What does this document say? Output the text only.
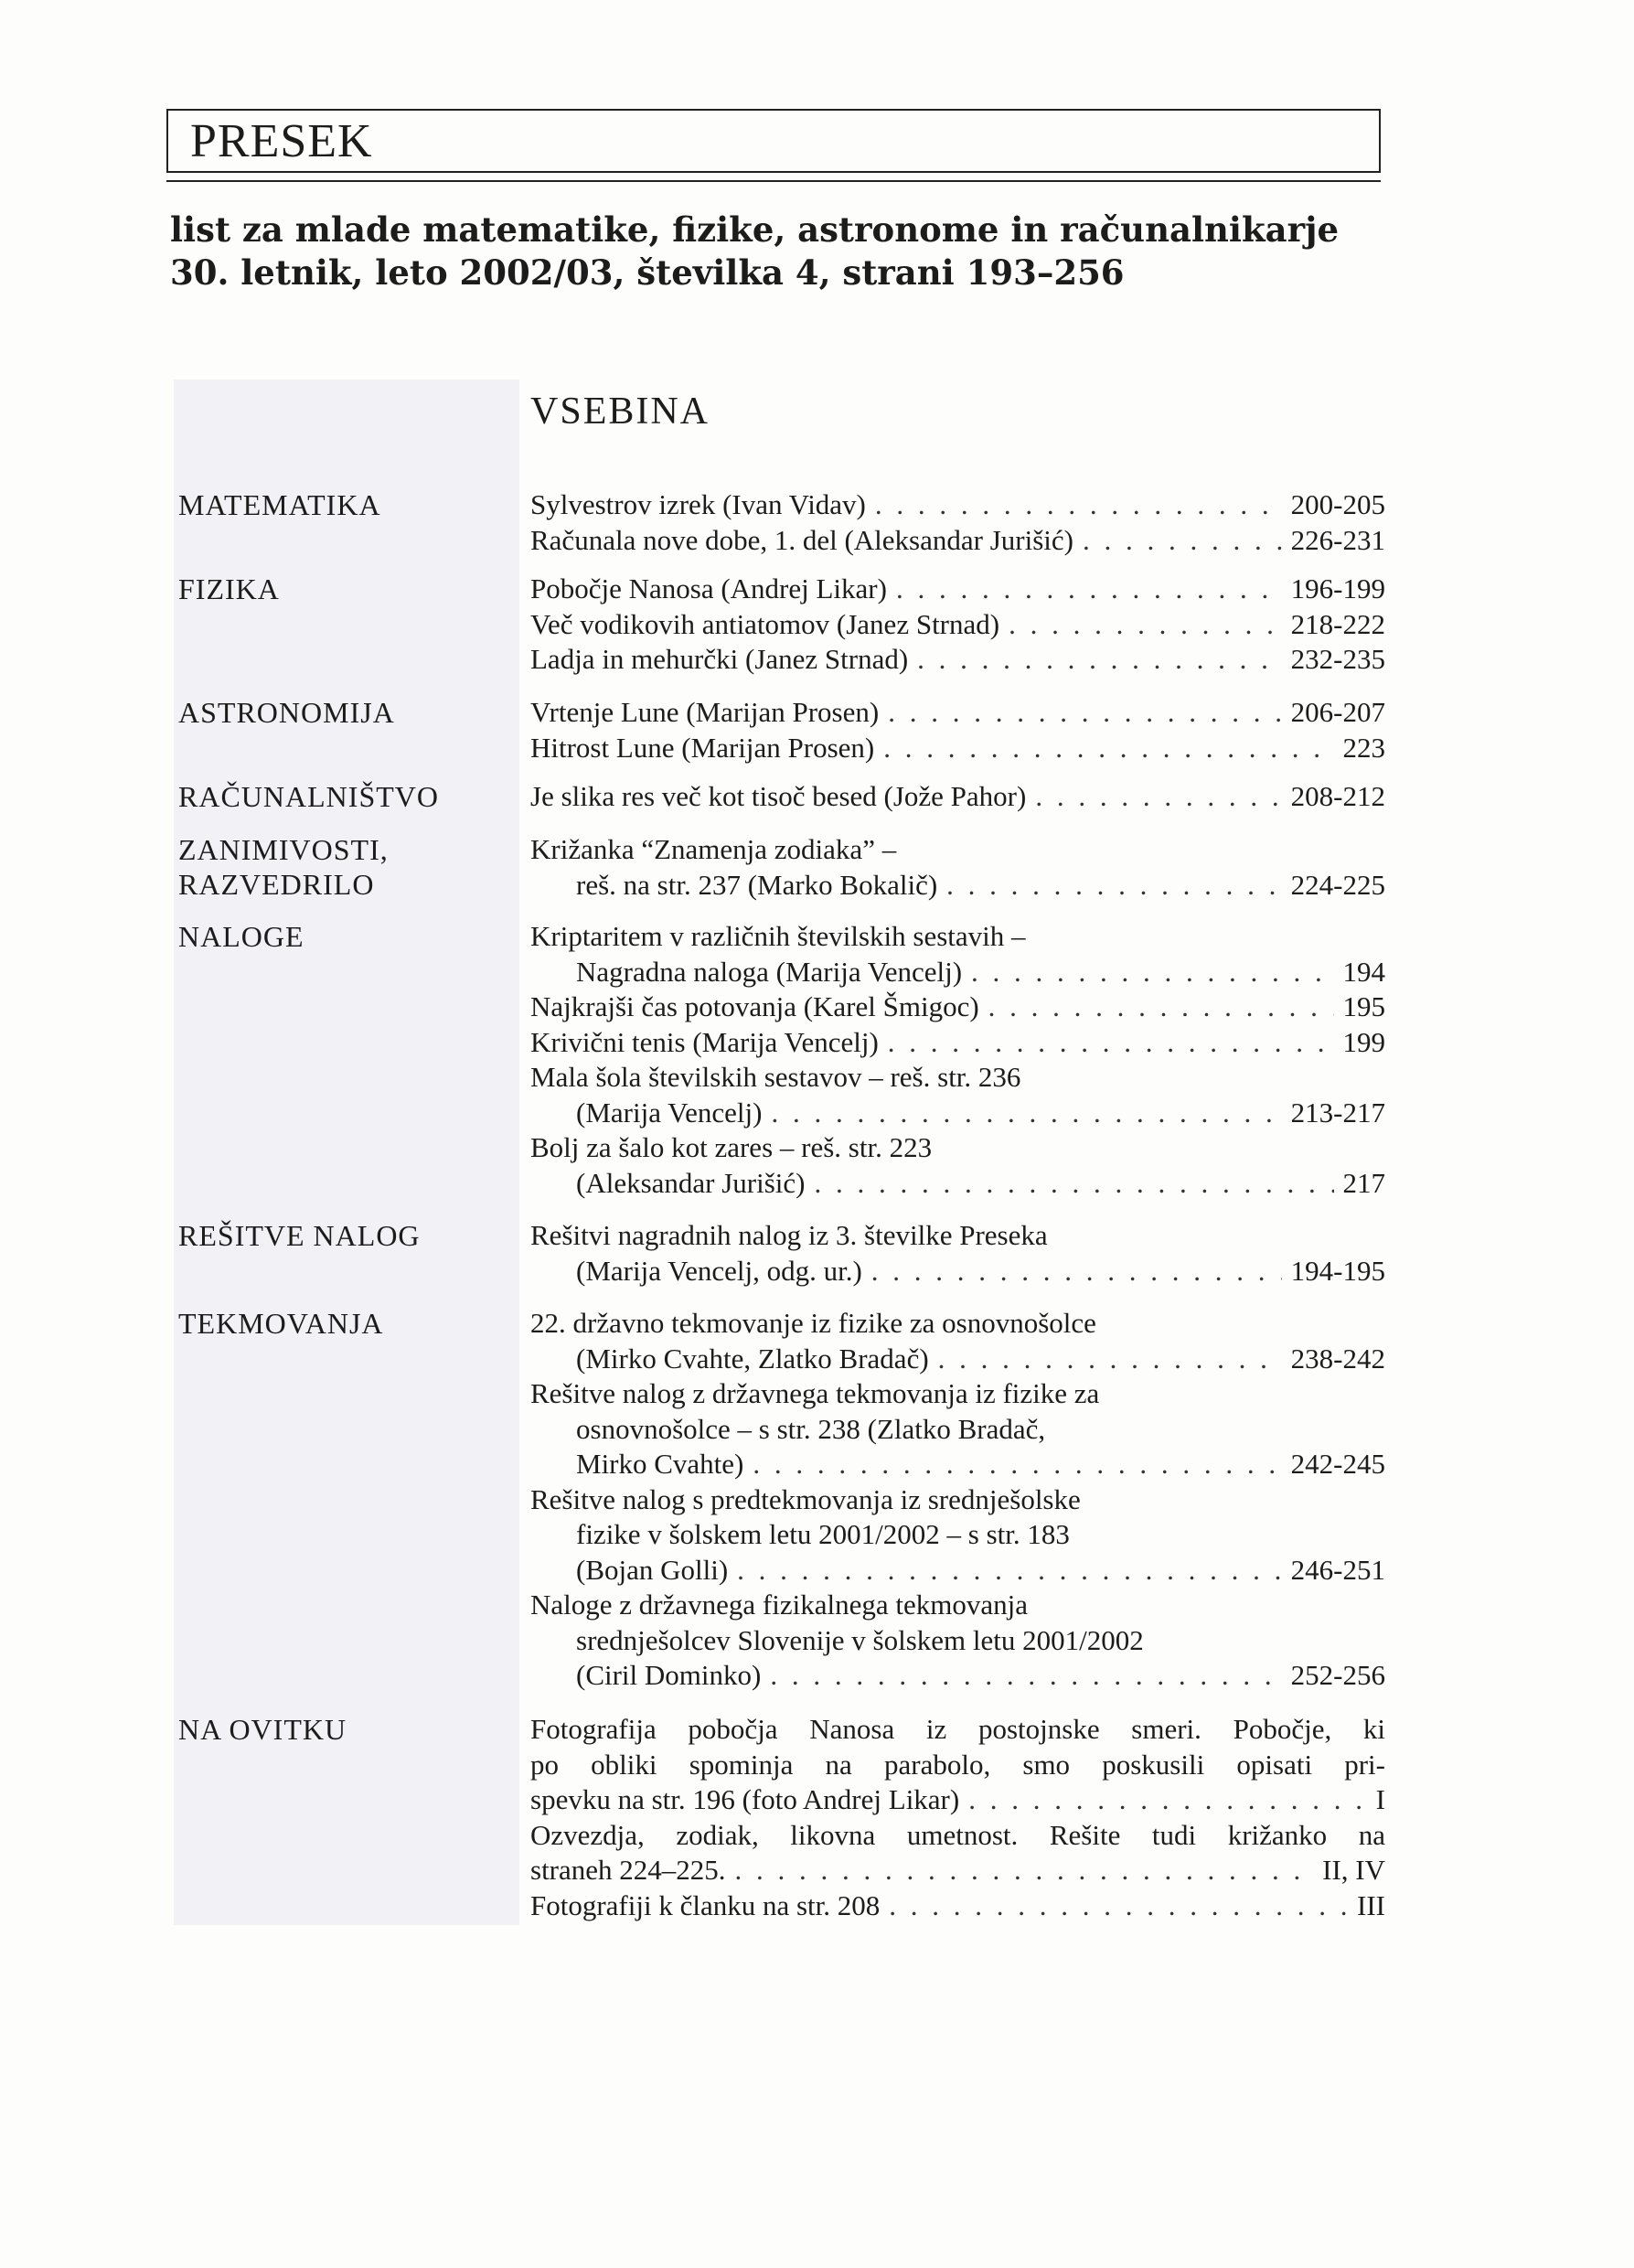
PRESEK
list za mlade matematike, fizike, astronome in računalnikarje
30. letnik, leto 2002/03, številka 4, strani 193–256
VSEBINA
MATEMATIKA	Sylvestrov izrek (Ivan Vidav) . . .	200-205
Računala nove dobe, 1. del (Aleksandar Jurišić) . . .	226-231
FIZIKA	Pobočje Nanosa (Andrej Likar) . . .	196-199
Več vodikovih antiatomov (Janez Strnad) . . .	218-222
Ladja in mehurčki (Janez Strnad) . . .	232-235
ASTRONOMIJA	Vrtenje Lune (Marijan Prosen) . . .	206-207
Hitrost Lune (Marijan Prosen) . . .	223
RAČUNALNIŠTVO	Je slika res več kot tisoč besed (Jože Pahor) . . .	208-212
ZANIMIVOSTI,
RAZVEDRILO
Križanka “Znamenja zodiaka” –
reš. na str. 237 (Marko Bokalič) . . .	224-225
NALOGE	Kriptaritem v različnih številskih sestavih –
Nagradna naloga (Marija Vencelj) . . .	194
Najkrajši čas potovanja (Karel Šmigoc) . . .	195
Krivični tenis (Marija Vencelj) . . .	199
Mala šola številskih sestavov – reš. str. 236
(Marija Vencelj) . . .	213-217
Bolj za šalo kot zares – reš. str. 223
(Aleksandar Jurišić) . . .	217
REŠITVE NALOG	Rešitvi nagradnih nalog iz 3. številke Preseka
(Marija Vencelj, odg. ur.) . . .	194-195
TEKMOVANJA	22. državno tekmovanje iz fizike za osnovnošolce
(Mirko Cvahte, Zlatko Bradač) . . .	238-242
Rešitve nalog z državnega tekmovanja iz fizike za
osnovnošolce – s str. 238 (Zlatko Bradač,
Mirko Cvahte) . . .	242-245
Rešitve nalog s predtekmovanja iz srednješolske
fizike v šolskem letu 2001/2002 – s str. 183
(Bojan Golli) . . .	246-251
Naloge z državnega fizikalnega tekmovanja
srednješolcev Slovenije v šolskem letu 2001/2002
(Ciril Dominko) . . .	252-256
NA OVITKU	Fotografija pobočja Nanosa iz postojnske smeri. Pobočje, ki
po obliki spominja na parabolo, smo poskusili opisati pri-
spevku na str. 196 (foto Andrej Likar) . . .	I
Ozvezdja, zodiak, likovna umetnost. Rešite tudi križanko na
straneh 224–225. . . .	II, IV
Fotografiji k članku na str. 208 . . .	III
